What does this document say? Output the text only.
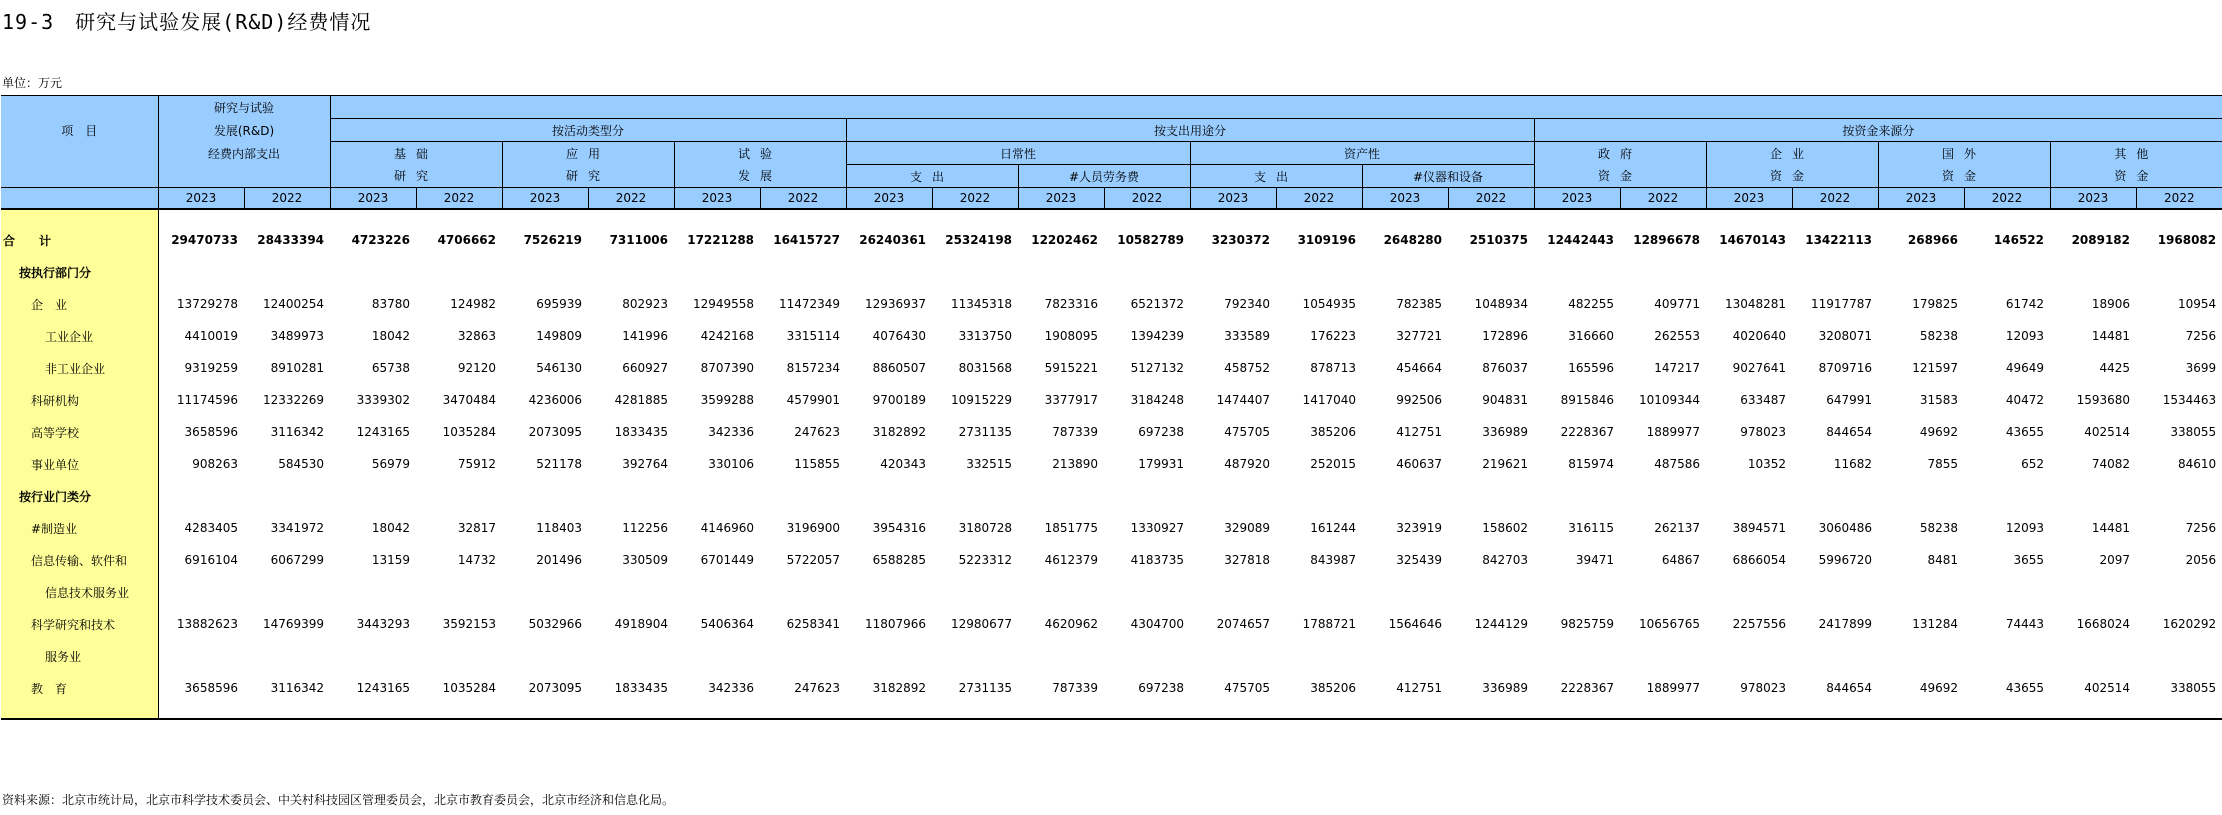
19-3　研究与试验发展(R&D)经费情况
单位：万元
项　目	研究与试验																							
	发展(R&D)		按活动类型分						按支出用途分								按资金来源分							
	经费内部支出		基础		应用		试验		日常性				资产性				政府		企业		国外		其他	
			研究		研究		发展		支出		#人员劳务费		支出		#仪器和设备		资金		资金		资金		资金	
	2023	2022	2023	2022	2023	2022	2023	2022	2023	2022	2023	2022	2023	2022	2023	2022	2023	2022	2023	2022	2023	2022	2023	2022

合计	29470733	28433394	4723226	4706662	7526219	7311006	17221288	16415727	26240361	25324198	12202462	10582789	3230372	3109196	2648280	2510375	12442443	12896678	14670143	13422113	268966	146522	2089182	1968082
按执行部门分																								
企　业	13729278	12400254	83780	124982	695939	802923	12949558	11472349	12936937	11345318	7823316	6521372	792340	1054935	782385	1048934	482255	409771	13048281	11917787	179825	61742	18906	10954
工业企业	4410019	3489973	18042	32863	149809	141996	4242168	3315114	4076430	3313750	1908095	1394239	333589	176223	327721	172896	316660	262553	4020640	3208071	58238	12093	14481	7256
非工业企业	9319259	8910281	65738	92120	546130	660927	8707390	8157234	8860507	8031568	5915221	5127132	458752	878713	454664	876037	165596	147217	9027641	8709716	121597	49649	4425	3699
科研机构	11174596	12332269	3339302	3470484	4236006	4281885	3599288	4579901	9700189	10915229	3377917	3184248	1474407	1417040	992506	904831	8915846	10109344	633487	647991	31583	40472	1593680	1534463
高等学校	3658596	3116342	1243165	1035284	2073095	1833435	342336	247623	3182892	2731135	787339	697238	475705	385206	412751	336989	2228367	1889977	978023	844654	49692	43655	402514	338055
事业单位	908263	584530	56979	75912	521178	392764	330106	115855	420343	332515	213890	179931	487920	252015	460637	219621	815974	487586	10352	11682	7855	652	74082	84610
按行业门类分																								
#制造业	4283405	3341972	18042	32817	118403	112256	4146960	3196900	3954316	3180728	1851775	1330927	329089	161244	323919	158602	316115	262137	3894571	3060486	58238	12093	14481	7256
信息传输、软件和	6916104	6067299	13159	14732	201496	330509	6701449	5722057	6588285	5223312	4612379	4183735	327818	843987	325439	842703	39471	64867	6866054	5996720	8481	3655	2097	2056
信息技术服务业																								
科学研究和技术	13882623	14769399	3443293	3592153	5032966	4918904	5406364	6258341	11807966	12980677	4620962	4304700	2074657	1788721	1564646	1244129	9825759	10656765	2257556	2417899	131284	74443	1668024	1620292
服务业																								
教　育	3658596	3116342	1243165	1035284	2073095	1833435	342336	247623	3182892	2731135	787339	697238	475705	385206	412751	336989	2228367	1889977	978023	844654	49692	43655	402514	338055

资料来源：北京市统计局，北京市科学技术委员会、中关村科技园区管理委员会，北京市教育委员会，北京市经济和信息化局。
